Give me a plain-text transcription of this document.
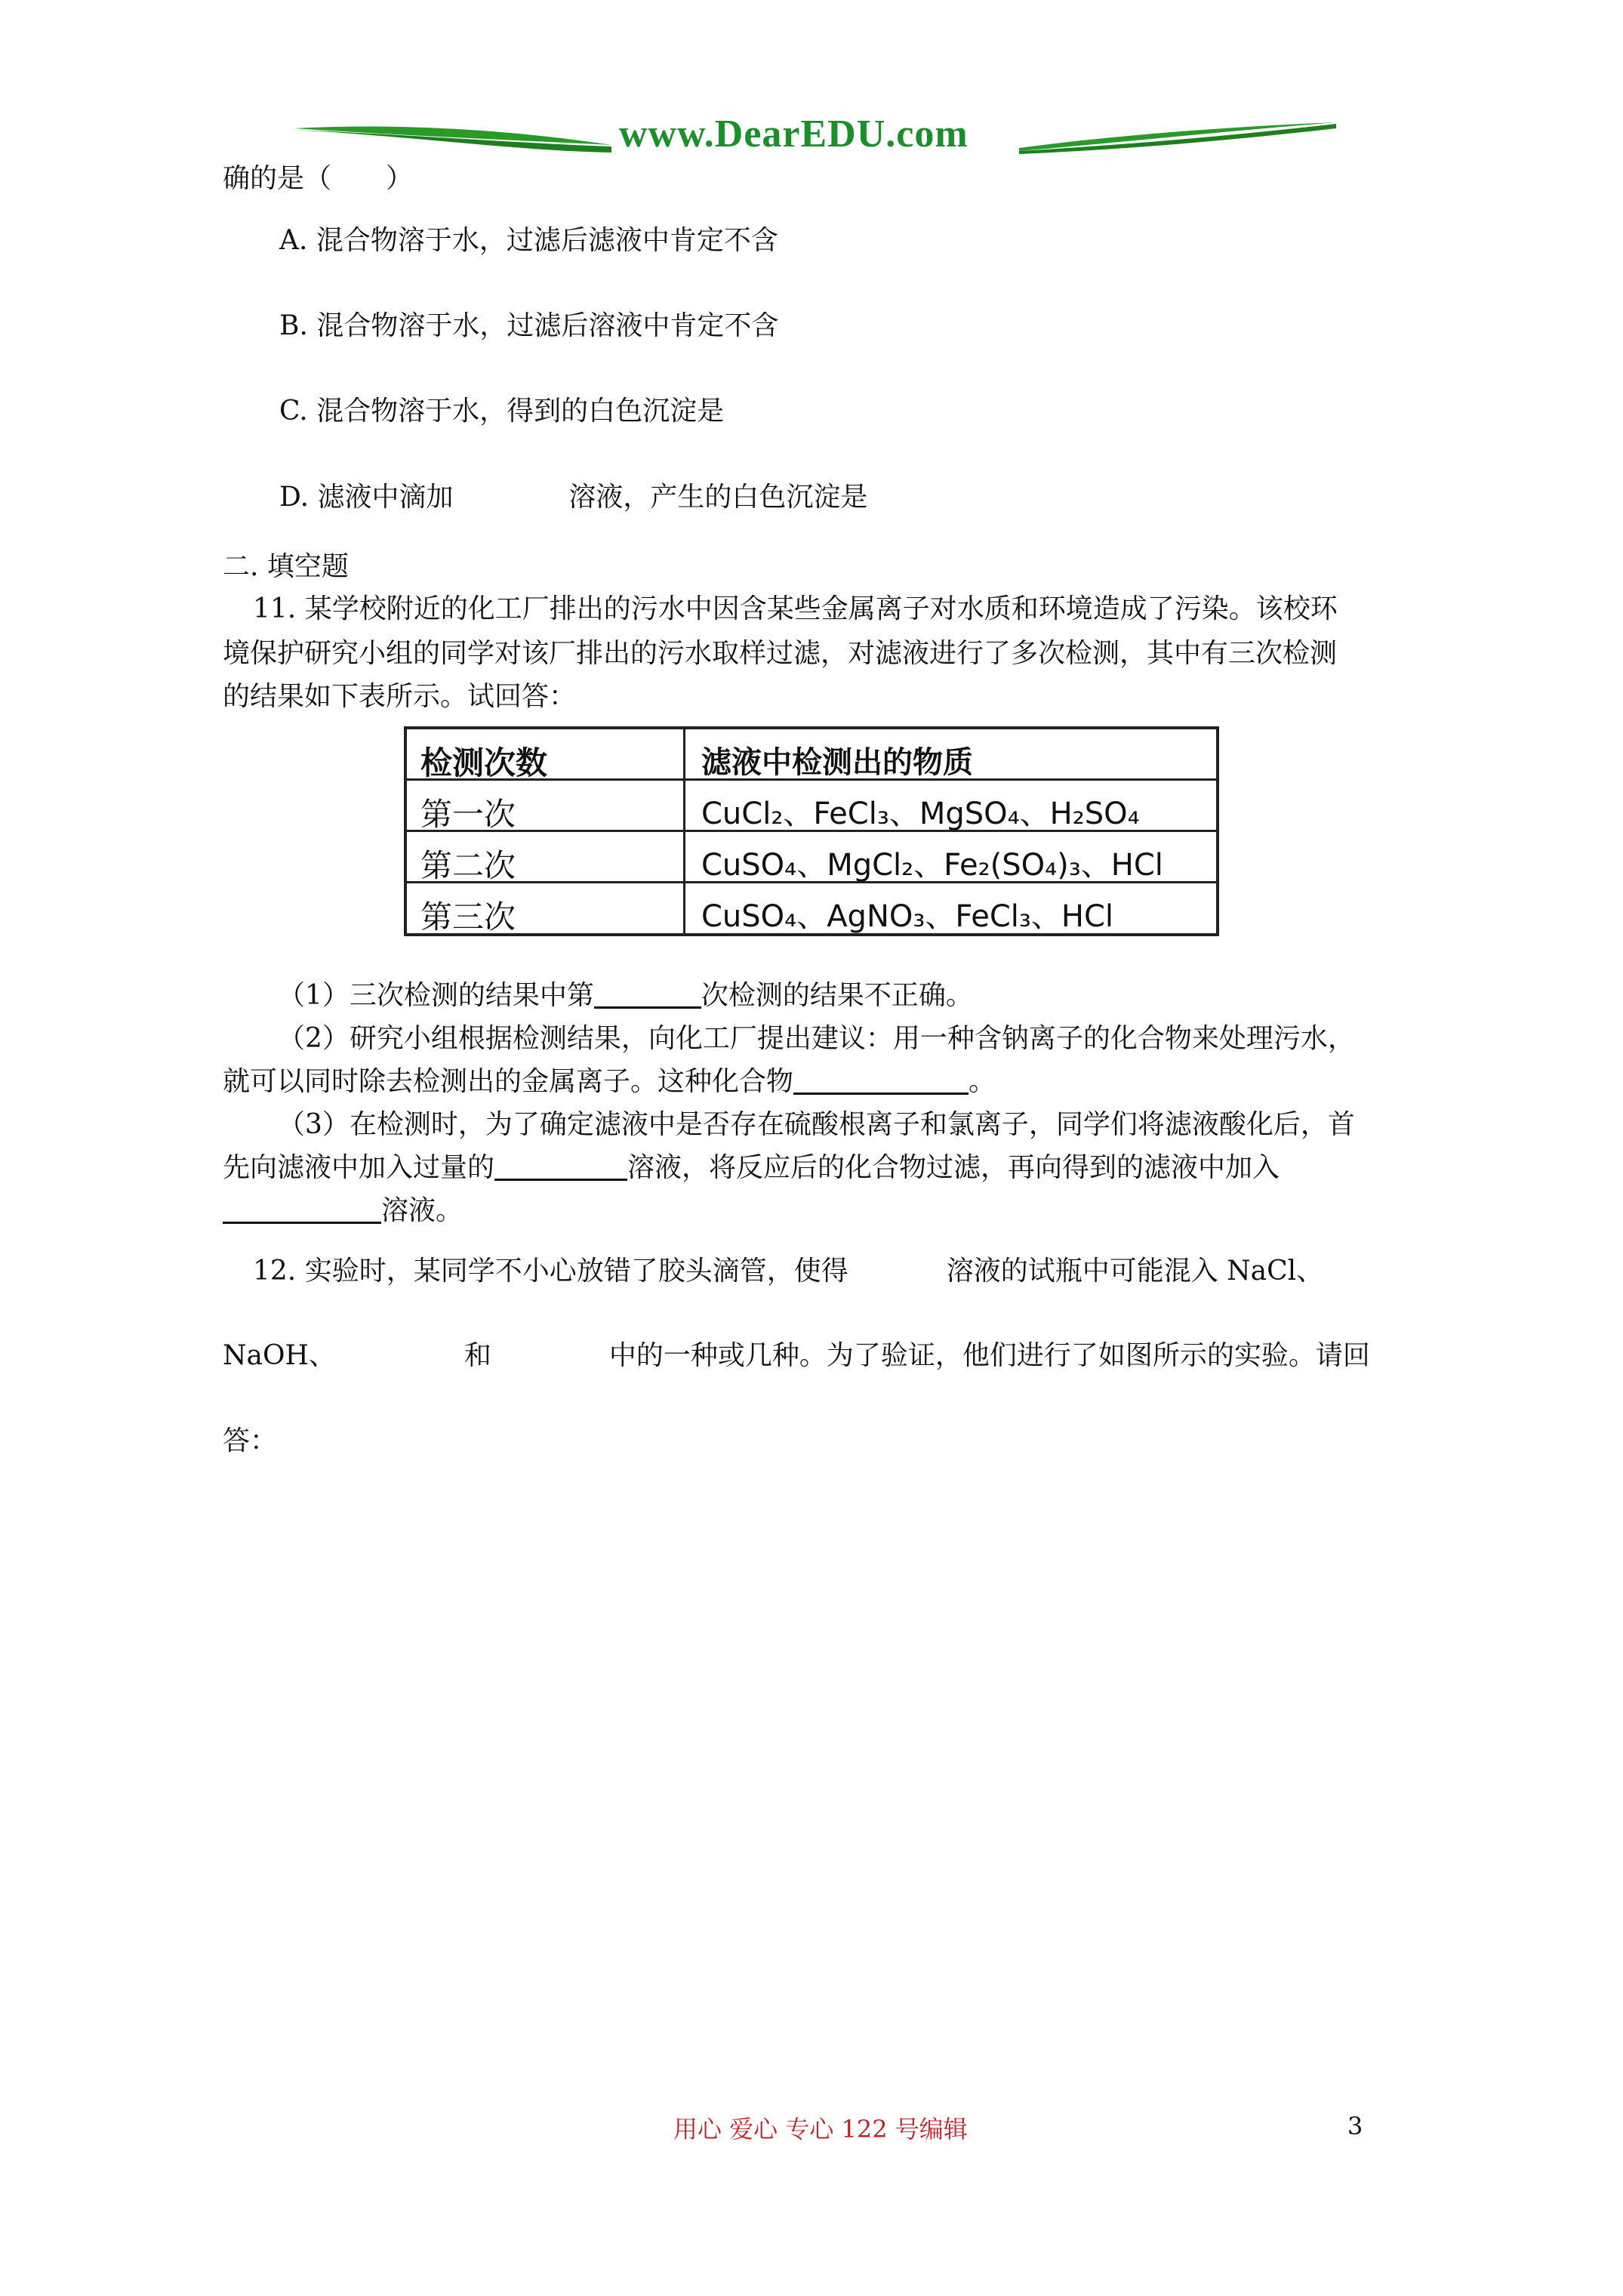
www.DearEDU.com
确的是（　　）
A. 混合物溶于水，过滤后滤液中肯定不含
B. 混合物溶于水，过滤后溶液中肯定不含
C. 混合物溶于水，得到的白色沉淀是
D. 滤液中滴加	溶液，产生的白色沉淀是
二. 填空题
11. 某学校附近的化工厂排出的污水中因含某些金属离子对水质和环境造成了污染。该校环
境保护研究小组的同学对该厂排出的污水取样过滤，对滤液进行了多次检测，其中有三次检测
的结果如下表所示。试回答：
检测次数	滤液中检测出的物质
第一次	CuCl₂、FeCl₃、MgSO₄、H₂SO₄
第二次	CuSO₄、MgCl₂、Fe₂(SO₄)₃、HCl
第三次	CuSO₄、AgNO₃、FeCl₃、HCl
（1）三次检测的结果中第	次检测的结果不正确。
（2）研究小组根据检测结果，向化工厂提出建议：用一种含钠离子的化合物来处理污水，
就可以同时除去检测出的金属离子。这种化合物	。
（3）在检测时，为了确定滤液中是否存在硫酸根离子和氯离子，同学们将滤液酸化后，首
先向滤液中加入过量的	溶液，将反应后的化合物过滤，再向得到的滤液中加入
溶液。
12. 实验时，某同学不小心放错了胶头滴管，使得	溶液的试瓶中可能混入 NaCl、
NaOH、	和	中的一种或几种。为了验证，他们进行了如图所示的实验。请回
答：
用心 爱心 专心 122 号编辑	3
